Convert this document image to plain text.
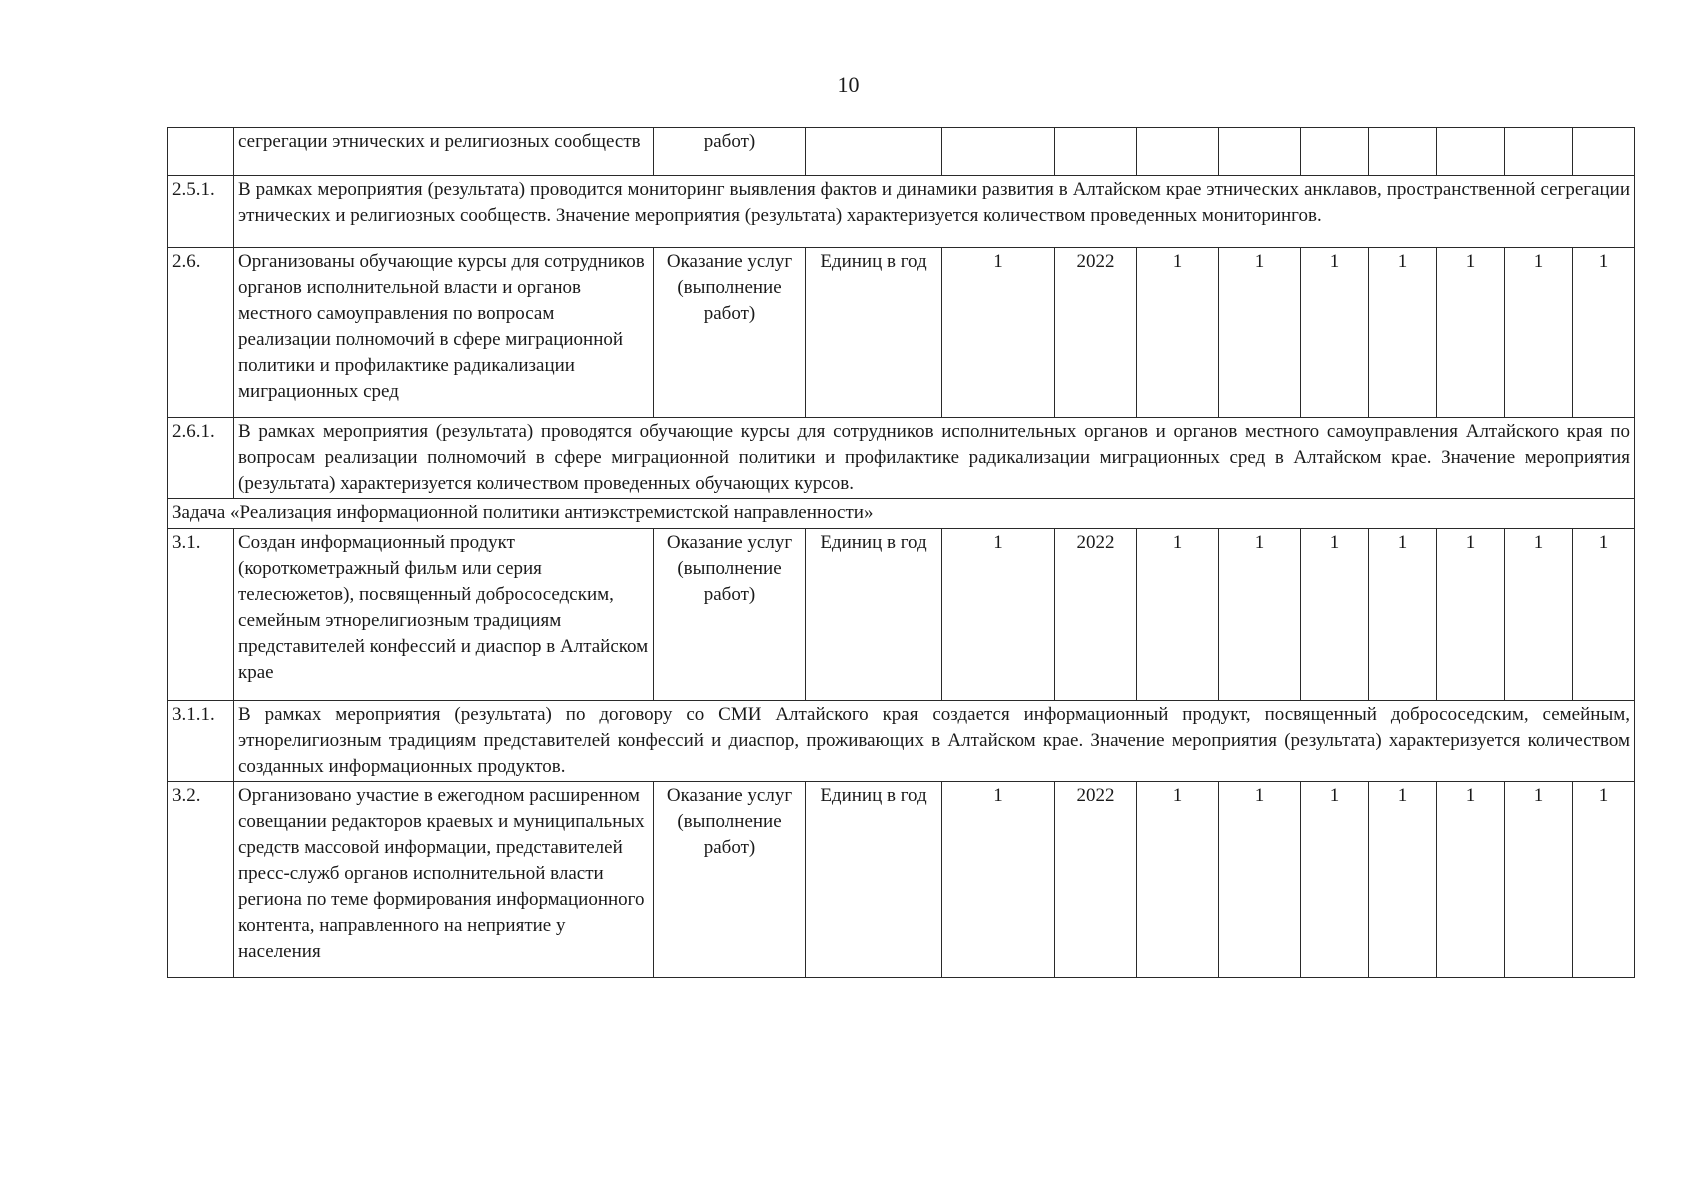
10
	сегрегации этнических и религиозных сообществ	работ)										
2.5.1.	В рамках мероприятия (результата) проводится мониторинг выявления фактов и динамики развития в Алтайском крае этнических анклавов, пространственной сегрегации этнических и религиозных сообществ. Значение мероприятия (результата) характеризуется количеством проведенных мониторингов.											
2.6.	Организованы обучающие курсы для сотрудников органов исполнительной власти и органов местного самоуправления по вопросам реализации полномочий в сфере миграционной политики и профилактике радикализации миграционных сред	Оказание услуг (выполнение работ)	Единиц в год	1	2022	1	1	1	1	1	1	1
2.6.1.	В рамках мероприятия (результата) проводятся обучающие курсы для сотрудников исполнительных органов и органов местного самоуправления Алтайского края по вопросам реализации полномочий в сфере миграционной политики и профилактике радикализации миграционных сред в Алтайском крае. Значение мероприятия (результата) характеризуется количеством проведенных обучающих курсов.											
Задача «Реализация информационной политики антиэкстремистской направленности»												
3.1.	Создан информационный продукт (короткометражный фильм или серия телесюжетов), посвященный добрососедским, семейным этнорелигиозным традициям представителей конфессий и диаспор в Алтайском крае	Оказание услуг (выполнение работ)	Единиц в год	1	2022	1	1	1	1	1	1	1
3.1.1.	В рамках мероприятия (результата) по договору со СМИ Алтайского края создается информационный продукт, посвященный добрососедским, семейным, этнорелигиозным традициям представителей конфессий и диаспор, проживающих в Алтайском крае. Значение мероприятия (результата) характеризуется количеством созданных информационных продуктов.											
3.2.	Организовано участие в ежегодном расширенном совещании редакторов краевых и муниципальных средств массовой информации, представителей пресс-служб органов исполнительной власти региона по теме формирования информационного контента, направленного на неприятие у населения	Оказание услуг (выполнение работ)	Единиц в год	1	2022	1	1	1	1	1	1	1
